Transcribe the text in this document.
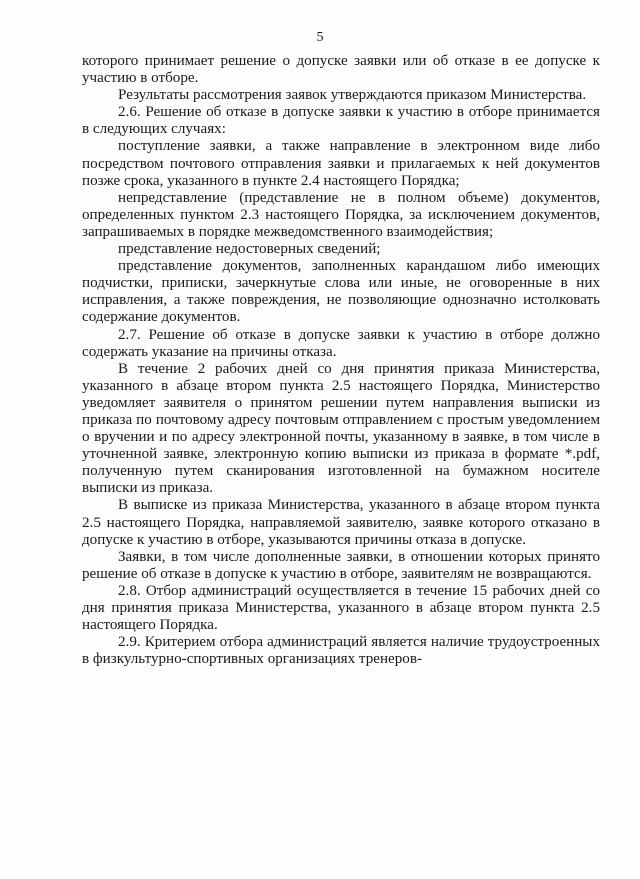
5

которого принимает решение о допуске заявки или об отказе в ее допуске к участию в отборе.

Результаты рассмотрения заявок утверждаются приказом Министерства.

2.6. Решение об отказе в допуске заявки к участию в отборе принимается в следующих случаях:

поступление заявки, а также направление в электронном виде либо посредством почтового отправления заявки и прилагаемых к ней документов позже срока, указанного в пункте 2.4 настоящего Порядка;

непредставление (представление не в полном объеме) документов, определенных пунктом 2.3 настоящего Порядка, за исключением документов, запрашиваемых в порядке межведомственного взаимодействия;

представление недостоверных сведений;

представление документов, заполненных карандашом либо имеющих подчистки, приписки, зачеркнутые слова или иные, не оговоренные в них исправления, а также повреждения, не позволяющие однозначно истолковать содержание документов.

2.7. Решение об отказе в допуске заявки к участию в отборе должно содержать указание на причины отказа.

В течение 2 рабочих дней со дня принятия приказа Министерства, указанного в абзаце втором пункта 2.5 настоящего Порядка, Министерство уведомляет заявителя о принятом решении путем направления выписки из приказа по почтовому адресу почтовым отправлением с простым уведомлением о вручении и по адресу электронной почты, указанному в заявке, в том числе в уточненной заявке, электронную копию выписки из приказа в формате *.pdf, полученную путем сканирования изготовленной на бумажном носителе выписки из приказа.

В выписке из приказа Министерства, указанного в абзаце втором пункта 2.5 настоящего Порядка, направляемой заявителю, заявке которого отказано в допуске к участию в отборе, указываются причины отказа в допуске.

Заявки, в том числе дополненные заявки, в отношении которых принято решение об отказе в допуске к участию в отборе, заявителям не возвращаются.

2.8. Отбор администраций осуществляется в течение 15 рабочих дней со дня принятия приказа Министерства, указанного в абзаце втором пункта 2.5 настоящего Порядка.

2.9. Критерием отбора администраций является наличие трудоустроенных в физкультурно-спортивных организациях тренеров-
